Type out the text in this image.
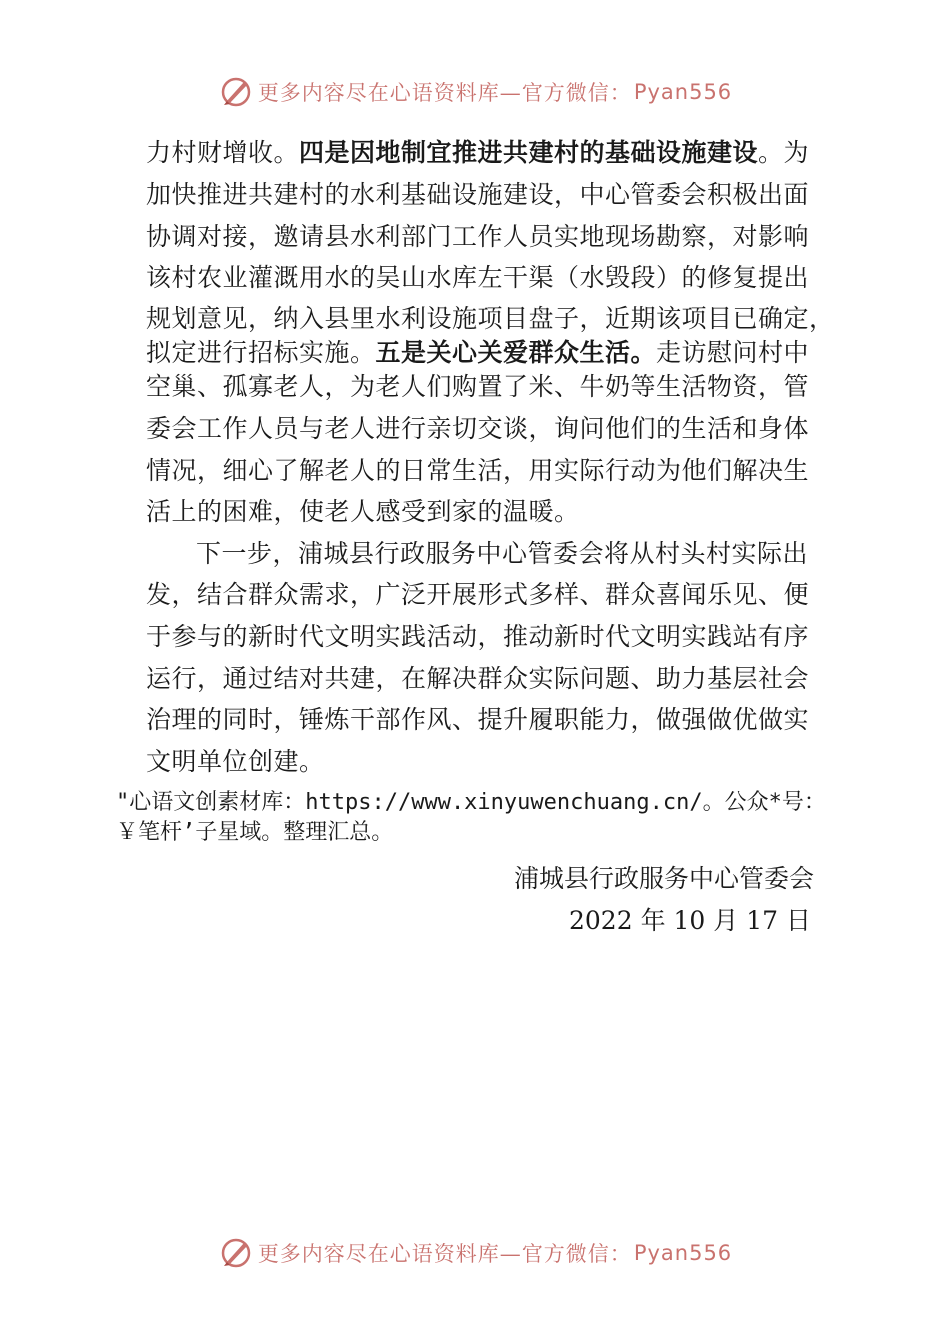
更多内容尽在心语资料库— 官方微信： Pyan556
力村财增收。四是因地制宜推进共建村的基础设施建设。为
加快推进共建村的水利基础设施建设，中心管委会积极出面
协调对接，邀请县水利部门工作人员实地现场勘察，对影响
该村农业灌溉用水的吴山水库左干渠（水毁段）的修复提出
规划意见，纳入县里水利设施项目盘子，近期该项目已确定，
拟定进行招标实施。五是关心关爱群众生活。走访慰问村中
空巢、孤寡老人，为老人们购置了米、牛奶等生活物资，管
委会工作人员与老人进行亲切交谈，询问他们的生活和身体
情况，细心了解老人的日常生活，用实际行动为他们解决生
活上的困难，使老人感受到家的温暖。
下一步，浦城县行政服务中心管委会将从村头村实际出
发，结合群众需求，广泛开展形式多样、群众喜闻乐见、便
于参与的新时代文明实践活动，推动新时代文明实践站有序
运行，通过结对共建，在解决群众实际问题、助力基层社会
治理的同时，锤炼干部作风、提升履职能力，做强做优做实
文明单位创建。
"心语文创素材库：https://www.xinyuwenchuang.cn/。公众*号：
￥笔杆’子星域。整理汇总。
浦城县行政服务中心管委会
2022 年 10 月 17 日
更多内容尽在心语资料库— 官方微信： Pyan556
